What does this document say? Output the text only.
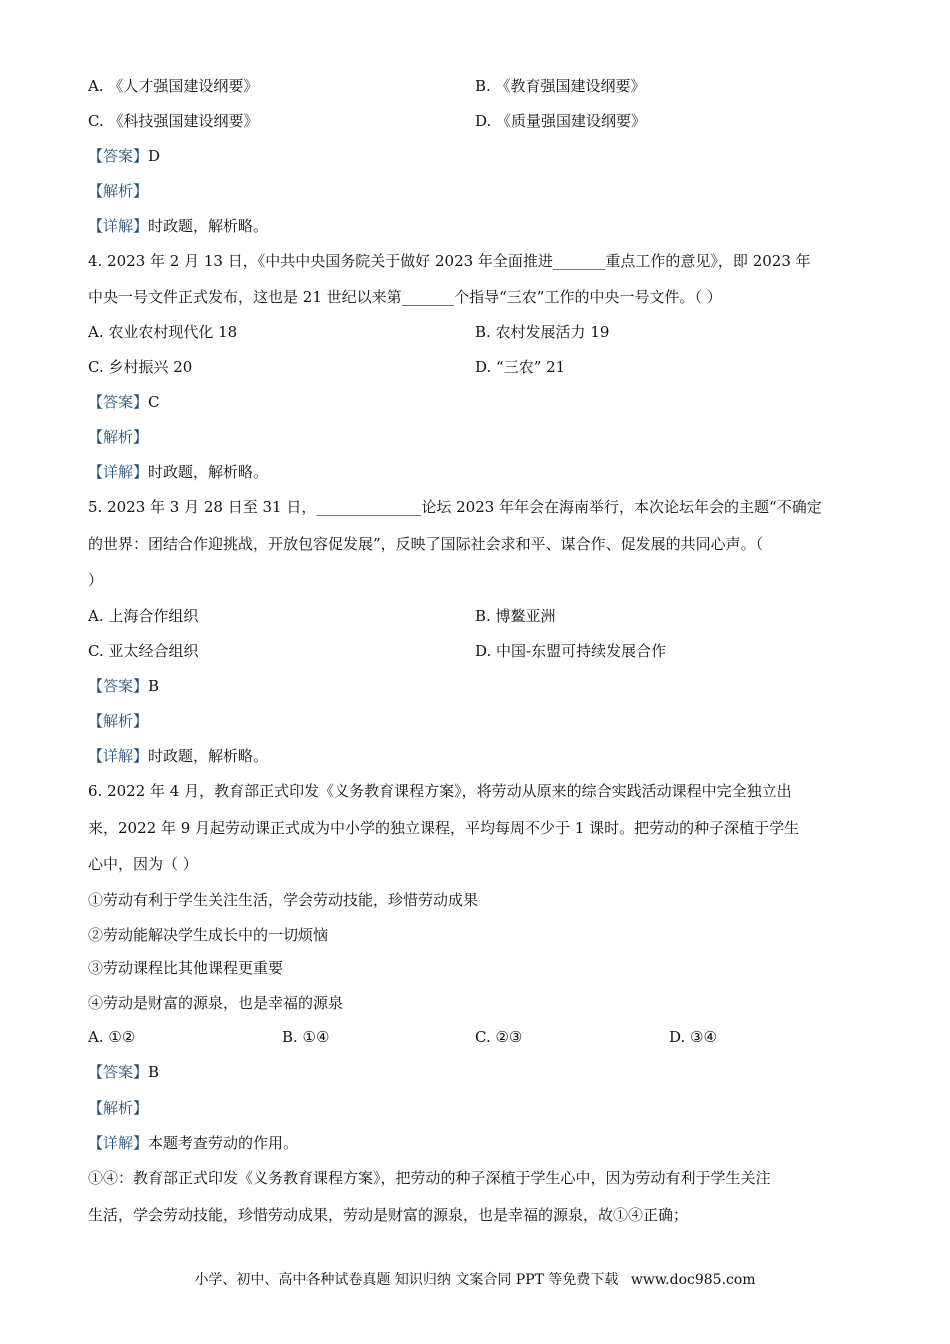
A. 《人才强国建设纲要》	B. 《教育强国建设纲要》
C. 《科技强国建设纲要》	D. 《质量强国建设纲要》
【答案】D
【解析】
【详解】时政题，解析略。
4. 2023 年 2 月 13 日，《中共中央国务院关于做好 2023 年全面推进_______重点工作的意见》，即 2023 年
中央一号文件正式发布，这也是 21 世纪以来第_______个指导“三农”工作的中央一号文件。（ ）
A. 农业农村现代化 18	B. 农村发展活力 19
C. 乡村振兴 20	D. “三农” 21
【答案】C
【解析】
【详解】时政题，解析略。
5. 2023 年 3 月 28 日至 31 日，______________论坛 2023 年年会在海南举行，本次论坛年会的主题“不确定
的世界：团结合作迎挑战，开放包容促发展”，反映了国际社会求和平、谋合作、促发展的共同心声。（
）
A. 上海合作组织	B. 博鳌亚洲
C. 亚太经合组织	D. 中国-东盟可持续发展合作
【答案】B
【解析】
【详解】时政题，解析略。
6. 2022 年 4 月，教育部正式印发《义务教育课程方案》，将劳动从原来的综合实践活动课程中完全独立出
来，2022 年 9 月起劳动课正式成为中小学的独立课程，平均每周不少于 1 课时。把劳动的种子深植于学生
心中，因为（ ）
①劳动有利于学生关注生活，学会劳动技能，珍惜劳动成果
②劳动能解决学生成长中的一切烦恼
③劳动课程比其他课程更重要
④劳动是财富的源泉，也是幸福的源泉
A. ①②	B. ①④	C. ②③	D. ③④
【答案】B
【解析】
【详解】本题考查劳动的作用。
①④：教育部正式印发《义务教育课程方案》，把劳动的种子深植于学生心中，因为劳动有利于学生关注
生活，学会劳动技能，珍惜劳动成果，劳动是财富的源泉，也是幸福的源泉，故①④正确；
小学、初中、高中各种试卷真题 知识归纳 文案合同 PPT 等免费下载 www.doc985.com
